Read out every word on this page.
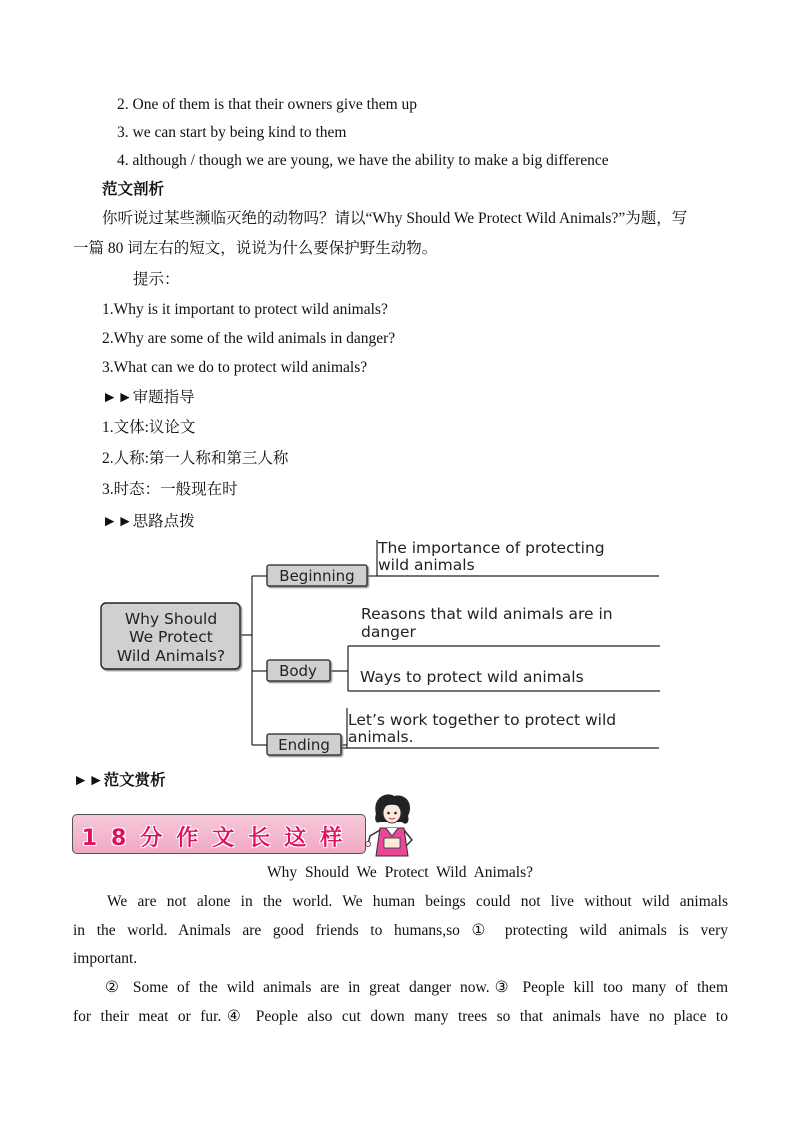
2. One of them is that their owners give them up
3. we can start by being kind to them
4. although / though we are young, we have the ability to make a big difference
范文剖析
你听说过某些濒临灭绝的动物吗？请以“Why Should We Protect Wild Animals?”为题，写
一篇 80 词左右的短文，说说为什么要保护野生动物。
提示：
1.Why is it important to protect wild animals?
2.Why are some of the wild animals in danger?
3.What can we do to protect wild animals?
►►审题指导
1.文体:议论文
2.人称:第一人称和第三人称
3.时态：一般现在时
►►思路点拨
Why Should
We Protect
Wild Animals?
Beginning
The importance of protecting
wild animals
Body
Reasons that wild animals are in
danger
Ways to protect wild animals
Ending
Let’s work together to protect wild
animals.
►►范文赏析
18分作文长这样
Why Should We Protect Wild Animals?
We are not alone in the world. We human beings could not live without wild animals
in the world. Animals are good friends to humans,so ① protecting wild animals is very
important.
② Some of the wild animals are in great danger now.③ People kill too many of them
for their meat or fur.④ People also cut down many trees so that animals have no place to
